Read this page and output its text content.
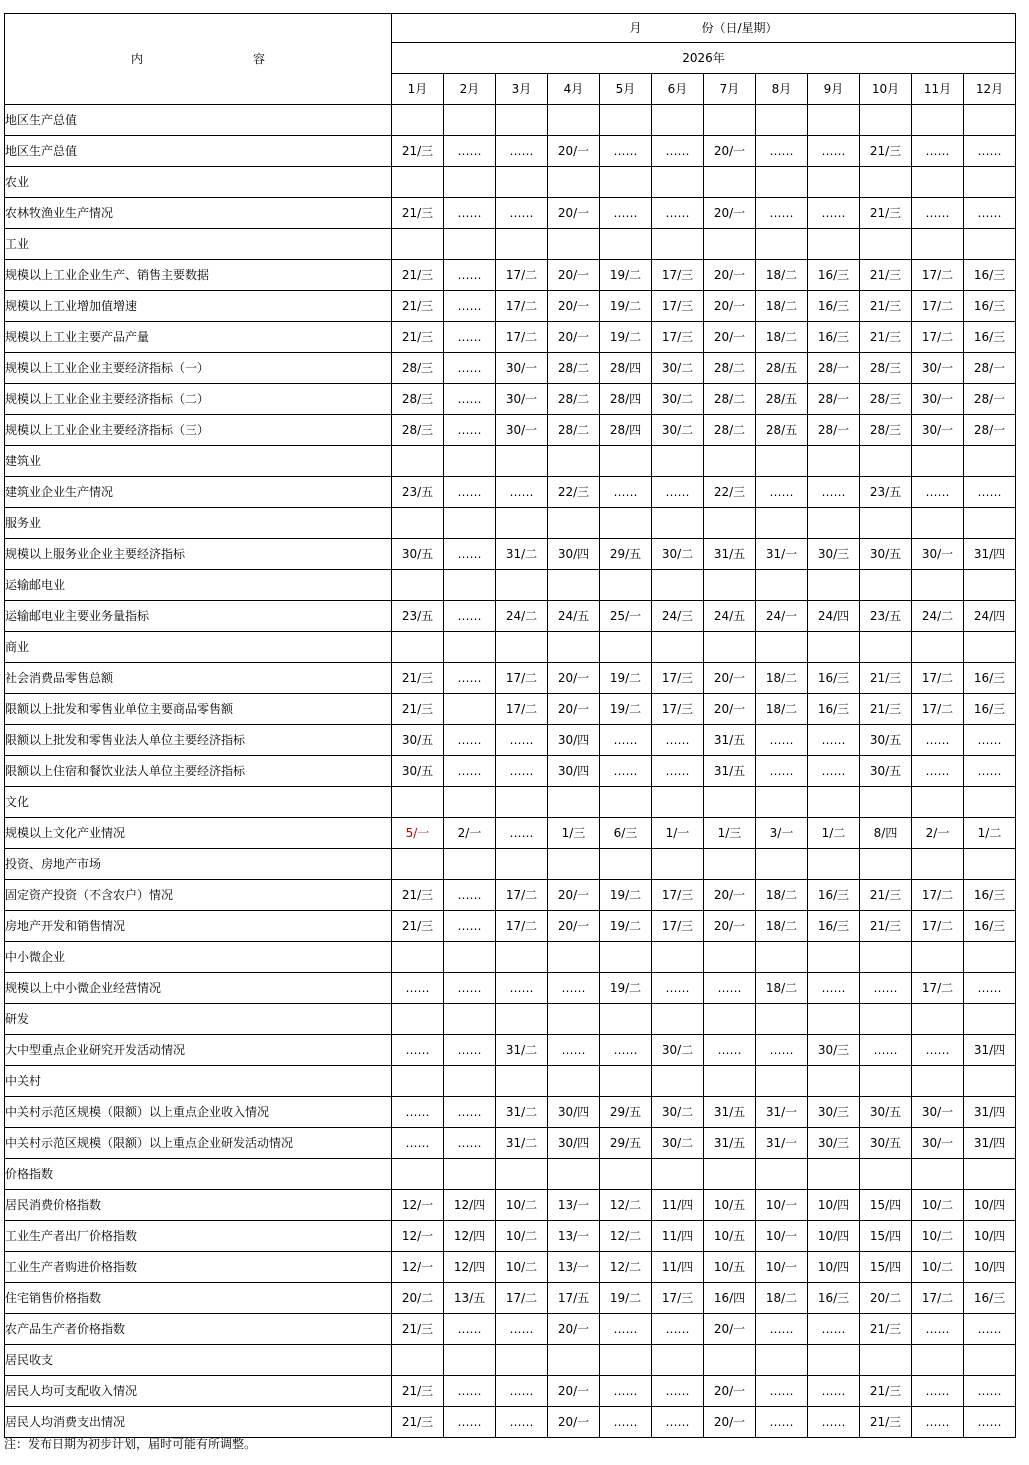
内 容	月 份（日/星期）											
	2026年											
	1月	2月	3月	4月	5月	6月	7月	8月	9月	10月	11月	12月
地区生产总值												
地区生产总值	21/三	……	……	20/一	……	……	20/一	……	……	21/三	……	……
农业												
农林牧渔业生产情况	21/三	……	……	20/一	……	……	20/一	……	……	21/三	……	……
工业												
规模以上工业企业生产、销售主要数据	21/三	……	17/二	20/一	19/二	17/三	20/一	18/二	16/三	21/三	17/二	16/三
规模以上工业增加值增速	21/三	……	17/二	20/一	19/二	17/三	20/一	18/二	16/三	21/三	17/二	16/三
规模以上工业主要产品产量	21/三	……	17/二	20/一	19/二	17/三	20/一	18/二	16/三	21/三	17/二	16/三
规模以上工业企业主要经济指标（一）	28/三	……	30/一	28/二	28/四	30/二	28/二	28/五	28/一	28/三	30/一	28/一
规模以上工业企业主要经济指标（二）	28/三	……	30/一	28/二	28/四	30/二	28/二	28/五	28/一	28/三	30/一	28/一
规模以上工业企业主要经济指标（三）	28/三	……	30/一	28/二	28/四	30/二	28/二	28/五	28/一	28/三	30/一	28/一
建筑业												
建筑业企业生产情况	23/五	……	……	22/三	……	……	22/三	……	……	23/五	……	……
服务业												
规模以上服务业企业主要经济指标	30/五	……	31/二	30/四	29/五	30/二	31/五	31/一	30/三	30/五	30/一	31/四
运输邮电业												
运输邮电业主要业务量指标	23/五	……	24/二	24/五	25/一	24/三	24/五	24/一	24/四	23/五	24/二	24/四
商业												
社会消费品零售总额	21/三	……	17/二	20/一	19/二	17/三	20/一	18/二	16/三	21/三	17/二	16/三
限额以上批发和零售业单位主要商品零售额	21/三		17/二	20/一	19/二	17/三	20/一	18/二	16/三	21/三	17/二	16/三
限额以上批发和零售业法人单位主要经济指标	30/五	……	……	30/四	……	……	31/五	……	……	30/五	……	……
限额以上住宿和餐饮业法人单位主要经济指标	30/五	……	……	30/四	……	……	31/五	……	……	30/五	……	……
文化												
规模以上文化产业情况	5/一	2/一	……	1/三	6/三	1/一	1/三	3/一	1/二	8/四	2/一	1/二
投资、房地产市场												
固定资产投资（不含农户）情况	21/三	……	17/二	20/一	19/二	17/三	20/一	18/二	16/三	21/三	17/二	16/三
房地产开发和销售情况	21/三	……	17/二	20/一	19/二	17/三	20/一	18/二	16/三	21/三	17/二	16/三
中小微企业												
规模以上中小微企业经营情况	……	……	……	……	19/二	……	……	18/二	……	……	17/二	……
研发												
大中型重点企业研究开发活动情况	……	……	31/二	……	……	30/二	……	……	30/三	……	……	31/四
中关村												
中关村示范区规模（限额）以上重点企业收入情况	……	……	31/二	30/四	29/五	30/二	31/五	31/一	30/三	30/五	30/一	31/四
中关村示范区规模（限额）以上重点企业研发活动情况	……	……	31/二	30/四	29/五	30/二	31/五	31/一	30/三	30/五	30/一	31/四
价格指数												
居民消费价格指数	12/一	12/四	10/二	13/一	12/二	11/四	10/五	10/一	10/四	15/四	10/二	10/四
工业生产者出厂价格指数	12/一	12/四	10/二	13/一	12/二	11/四	10/五	10/一	10/四	15/四	10/二	10/四
工业生产者购进价格指数	12/一	12/四	10/二	13/一	12/二	11/四	10/五	10/一	10/四	15/四	10/二	10/四
住宅销售价格指数	20/二	13/五	17/二	17/五	19/二	17/三	16/四	18/二	16/三	20/二	17/二	16/三
农产品生产者价格指数	21/三	……	……	20/一	……	……	20/一	……	……	21/三	……	……
居民收支												
居民人均可支配收入情况	21/三	……	……	20/一	……	……	20/一	……	……	21/三	……	……
居民人均消费支出情况	21/三	……	……	20/一	……	……	20/一	……	……	21/三	……	……
注：发布日期为初步计划，届时可能有所调整。
